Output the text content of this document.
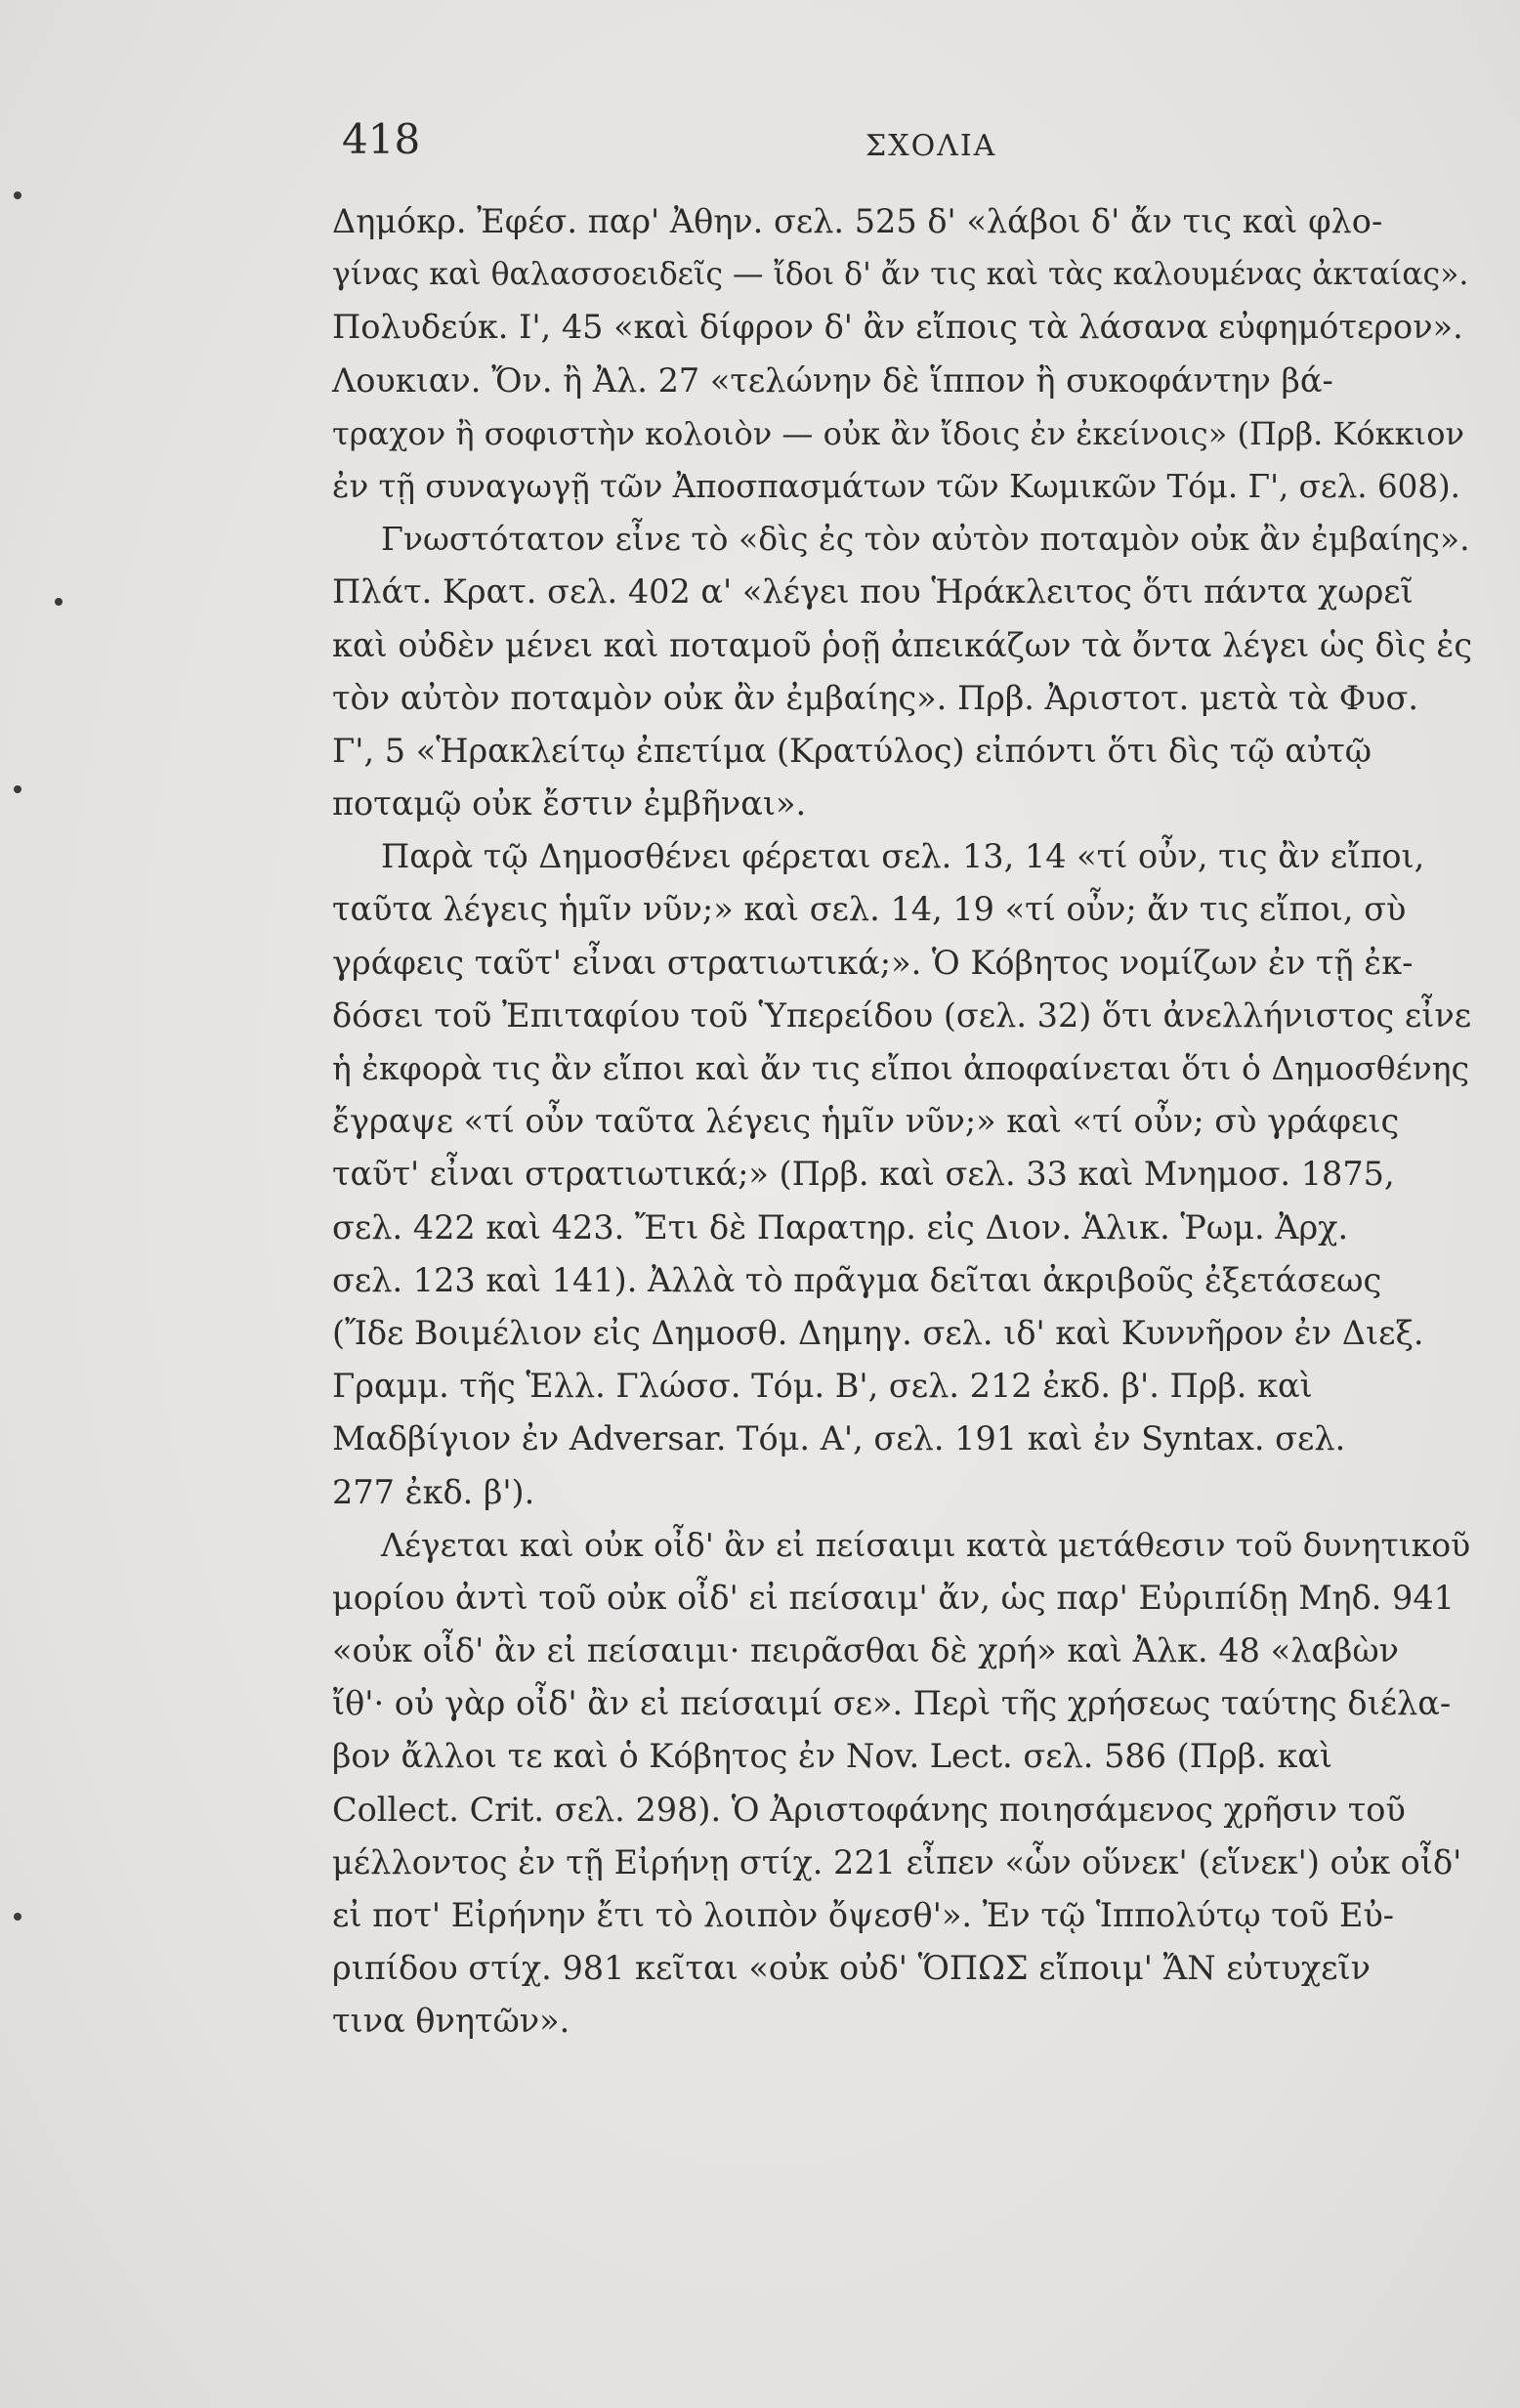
418	ΣΧΟΛΙΑ
Δημόκρ. Ἐφέσ. παρ' Ἀθην. σελ. 525 δ' «λάβοι δ' ἄν τις καὶ φλο-
γίνας καὶ θαλασσοειδεῖς — ἴδοι δ' ἄν τις καὶ τὰς καλουμένας ἀκταίας».
Πολυδεύκ. Ι', 45 «καὶ δίφρον δ' ἂν εἴποις τὰ λάσανα εὐφημότερον».
Λουκιαν. Ὄν. ἢ Ἀλ. 27 «τελώνην δὲ ἵππον ἢ συκοφάντην βά-
τραχον ἢ σοφιστὴν κολοιὸν — οὐκ ἂν ἴδοις ἐν ἐκείνοις» (Πρβ. Κόκκιον
ἐν τῇ συναγωγῇ τῶν Ἀποσπασμάτων τῶν Κωμικῶν Τόμ. Γ', σελ. 608).
Γνωστότατον εἶνε τὸ «δὶς ἐς τὸν αὐτὸν ποταμὸν οὐκ ἂν ἐμβαίης».
Πλάτ. Κρατ. σελ. 402 α' «λέγει που Ἡράκλειτος ὅτι πάντα χωρεῖ
καὶ οὐδὲν μένει καὶ ποταμοῦ ῥοῇ ἀπεικάζων τὰ ὄντα λέγει ὡς δὶς ἐς
τὸν αὐτὸν ποταμὸν οὐκ ἂν ἐμβαίης». Πρβ. Ἀριστοτ. μετὰ τὰ Φυσ.
Γ', 5 «Ἡρακλείτῳ ἐπετίμα (Κρατύλος) εἰπόντι ὅτι δὶς τῷ αὐτῷ
ποταμῷ οὐκ ἔστιν ἐμβῆναι».
Παρὰ τῷ Δημοσθένει φέρεται σελ. 13, 14 «τί οὖν, τις ἂν εἴποι,
ταῦτα λέγεις ἡμῖν νῦν;» καὶ σελ. 14, 19 «τί οὖν; ἄν τις εἴποι, σὺ
γράφεις ταῦτ' εἶναι στρατιωτικά;». Ὁ Κόβητος νομίζων ἐν τῇ ἐκ-
δόσει τοῦ Ἐπιταφίου τοῦ Ὑπερείδου (σελ. 32) ὅτι ἀνελλήνιστος εἶνε
ἡ ἐκφορὰ τις ἂν εἴποι καὶ ἄν τις εἴποι ἀποφαίνεται ὅτι ὁ Δημοσθένης
ἔγραψε «τί οὖν ταῦτα λέγεις ἡμῖν νῦν;» καὶ «τί οὖν; σὺ γράφεις
ταῦτ' εἶναι στρατιωτικά;» (Πρβ. καὶ σελ. 33 καὶ Μνημοσ. 1875,
σελ. 422 καὶ 423. Ἔτι δὲ Παρατηρ. εἰς Διον. Ἁλικ. Ῥωμ. Ἀρχ.
σελ. 123 καὶ 141). Ἀλλὰ τὸ πρᾶγμα δεῖται ἀκριβοῦς ἐξετάσεως
(Ἴδε Βοιμέλιον εἰς Δημοσθ. Δημηγ. σελ. ιδ' καὶ Κυννῆρον ἐν Διεξ.
Γραμμ. τῆς Ἑλλ. Γλώσσ. Τόμ. Β', σελ. 212 ἐκδ. β'. Πρβ. καὶ
Μαδβίγιον ἐν Adversar. Τόμ. Α', σελ. 191 καὶ ἐν Syntax. σελ.
277 ἐκδ. β').
Λέγεται καὶ οὐκ οἶδ' ἂν εἰ πείσαιμι κατὰ μετάθεσιν τοῦ δυνητικοῦ
μορίου ἀντὶ τοῦ οὐκ οἶδ' εἰ πείσαιμ' ἄν, ὡς παρ' Εὐριπίδῃ Μηδ. 941
«οὐκ οἶδ' ἂν εἰ πείσαιμι· πειρᾶσθαι δὲ χρή» καὶ Ἀλκ. 48 «λαβὼν
ἴθ'· οὐ γὰρ οἶδ' ἂν εἰ πείσαιμί σε». Περὶ τῆς χρήσεως ταύτης διέλα-
βον ἄλλοι τε καὶ ὁ Κόβητος ἐν Nov. Lect. σελ. 586 (Πρβ. καὶ
Collect. Crit. σελ. 298). Ὁ Ἀριστοφάνης ποιησάμενος χρῆσιν τοῦ
μέλλοντος ἐν τῇ Εἰρήνῃ στίχ. 221 εἶπεν «ὧν οὕνεκ' (εἵνεκ') οὐκ οἶδ'
εἰ ποτ' Εἰρήνην ἔτι τὸ λοιπὸν ὄψεσθ'». Ἐν τῷ Ἱππολύτῳ τοῦ Εὐ-
ριπίδου στίχ. 981 κεῖται «οὐκ οὐδ' ὍΠΩΣ εἴποιμ' ἌΝ εὐτυχεῖν
τινα θνητῶν».
